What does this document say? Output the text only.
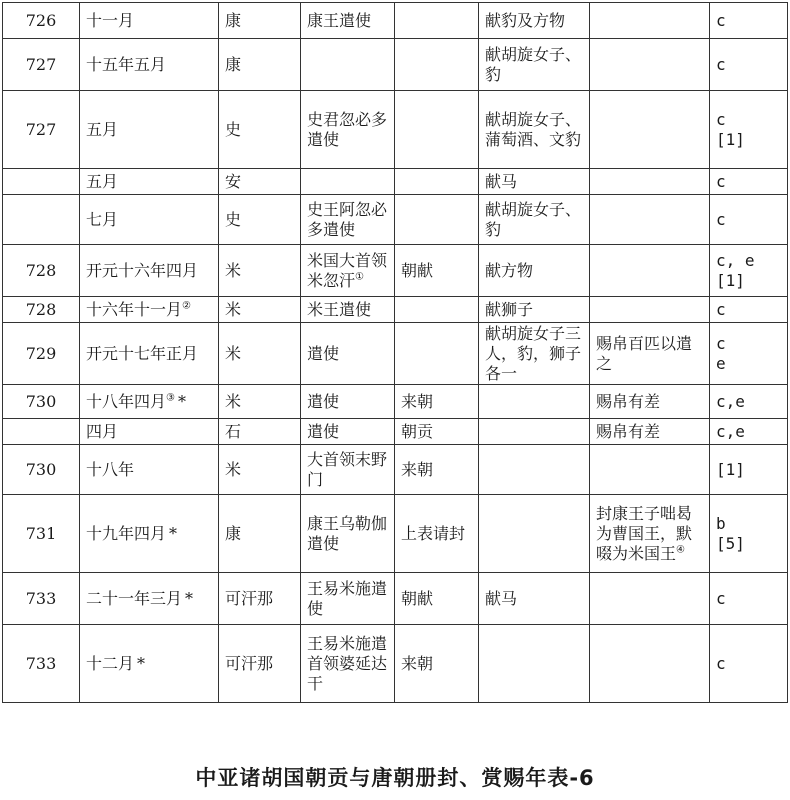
726	十一月	康	康王遣使		献豹及方物		c
727	十五年五月	康			献胡旋女子、豹		c
727	五月	史	史君忽必多遣使		献胡旋女子、蒲萄酒、文豹		c
[1]
	五月	安			献马		c
	七月	史	史王阿忽必多遣使		献胡旋女子、豹		c
728	开元十六年四月	米	米国大首领米忽汗①	朝献	献方物		c, e
[1]
728	十六年十一月②	米	米王遣使		献狮子		c
729	开元十七年正月	米	遣使		献胡旋女子三人，豹，狮子各一	赐帛百匹以遣之	c
e
730	十八年四月③ *	米	遣使	来朝		赐帛有差	c,e
	四月	石	遣使	朝贡		赐帛有差	c,e
730	十八年	米	大首领末野门	来朝			[1]
731	十九年四月 *	康	康王乌勒伽遣使	上表请封		封康王子咄曷为曹国王，默啜为米国王④	b
[5]
733	二十一年三月 *	可汗那	王易米施遣使	朝献	献马		c
733	十二月 *	可汗那	王易米施遣首领婆延达干	来朝			c
中亚诸胡国朝贡与唐朝册封、赏赐年表-6
